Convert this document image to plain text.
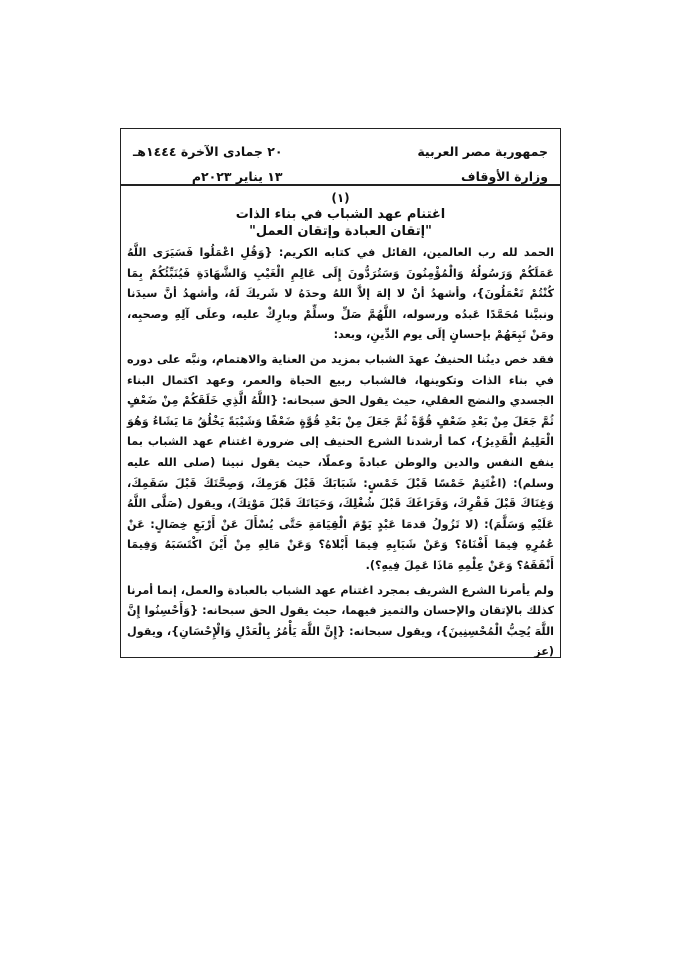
جمهورية مصر العربية
وزارة الأوقاف
٢٠ جمادى الآخرة ١٤٤٤هـ
١٣ يناير ٢٠٢٣م
(١)
اغتنام عهد الشباب في بناء الذات
"إتقان العبادة وإتقان العمل"

الحمد لله رب العالمين، القائل في كتابه الكريم: {وَقُلِ اعْمَلُوا فَسَيَرَى اللَّهُ عَمَلَكُمْ وَرَسُولُهُ وَالْمُؤْمِنُونَ وَسَتُرَدُّونَ إِلَى عَالِمِ الْغَيْبِ وَالشَّهَادَةِ فَيُنَبِّئُكُمْ بِمَا كُنْتُمْ تَعْمَلُونَ}، وأشهدُ أنْ لا إلهَ إلاَّ اللهُ وحدَهُ لا شَريكَ لَهُ، وأشهدُ أنَّ سيدَنا ونبيَّنا مُحَمَّدًا عَبدُه ورسوله، اللَّهُمَّ صَلِّ وسلِّمْ وبارِكْ عليه، وعلَى آلِهِ وصحبِه، ومَنْ تَبِعَهُمْ بإحسانٍ إلَى يوم الدِّينِ، وبعد:

فقد خص دينُنا الحنيفُ عهدَ الشباب بمزيد من العناية والاهتمام، ونبَّه على دوره في بناء الذات وتكوينها، فالشباب ربيع الحياة والعمر، وعهد اكتمال البناء الجسدي والنضج العقلي، حيث يقول الحق سبحانه: {اللَّهُ الَّذِي خَلَقَكُمْ مِنْ ضَعْفٍ ثُمَّ جَعَلَ مِنْ بَعْدِ ضَعْفٍ قُوَّةً ثُمَّ جَعَلَ مِنْ بَعْدِ قُوَّةٍ ضَعْفًا وَشَيْبَةً يَخْلُقُ مَا يَشَاءُ وَهُوَ الْعَلِيمُ الْقَدِيرُ}، كما أرشدنا الشرع الحنيف إلى ضرورة اغتنام عهد الشباب بما ينفع النفس والدين والوطن عبادةً وعملًا، حيث يقول نبينا (صلى الله عليه وسلم): (اغْتَنِمْ خَمْسًا قَبْلَ خَمْسٍ: شَبَابَكَ قَبْلَ هَرَمِكَ، وَصِحَّتَكَ قَبْلَ سَقَمِكَ، وَغِنَاكَ قَبْلَ فَقْرِكَ، وَفَرَاغَكَ قَبْلَ شُغْلِكَ، وَحَيَاتَكَ قَبْلَ مَوْتِكَ)، ويقول (صَلَّى اللَّهُ عَلَيْهِ وَسَلَّمَ): (لا تَزُولُ قدمَا عَبْدٍ يَوْمَ الْقِيَامَةِ حَتَّى يُسْأَلَ عَنْ أَرْبَعِ خِصَالٍ: عَنْ عُمُرِهِ فِيمَا أَفْنَاهُ؟ وَعَنْ شَبَابِهِ فِيمَا أَبْلاهُ؟ وَعَنْ مَالِهِ مِنْ أَيْنَ اكْتَسَبَهُ وَفِيمَا أَنْفَقَهُ؟ وَعَنْ عِلْمِهِ مَاذَا عَمِلَ فِيهِ؟).

ولم يأمرنا الشرع الشريف بمجرد اغتنام عهد الشباب بالعبادة والعمل، إنما أمرنا كذلك بالإتقان والإحسان والتميز فيهما، حيث يقول الحق سبحانه: {وَأَحْسِنُوا إِنَّ اللَّهَ يُحِبُّ الْمُحْسِنِينَ}، ويقول سبحانه: {إِنَّ اللَّهَ يَأْمُرُ بِالْعَدْلِ وَالْإِحْسَانِ}، ويقول (عز
